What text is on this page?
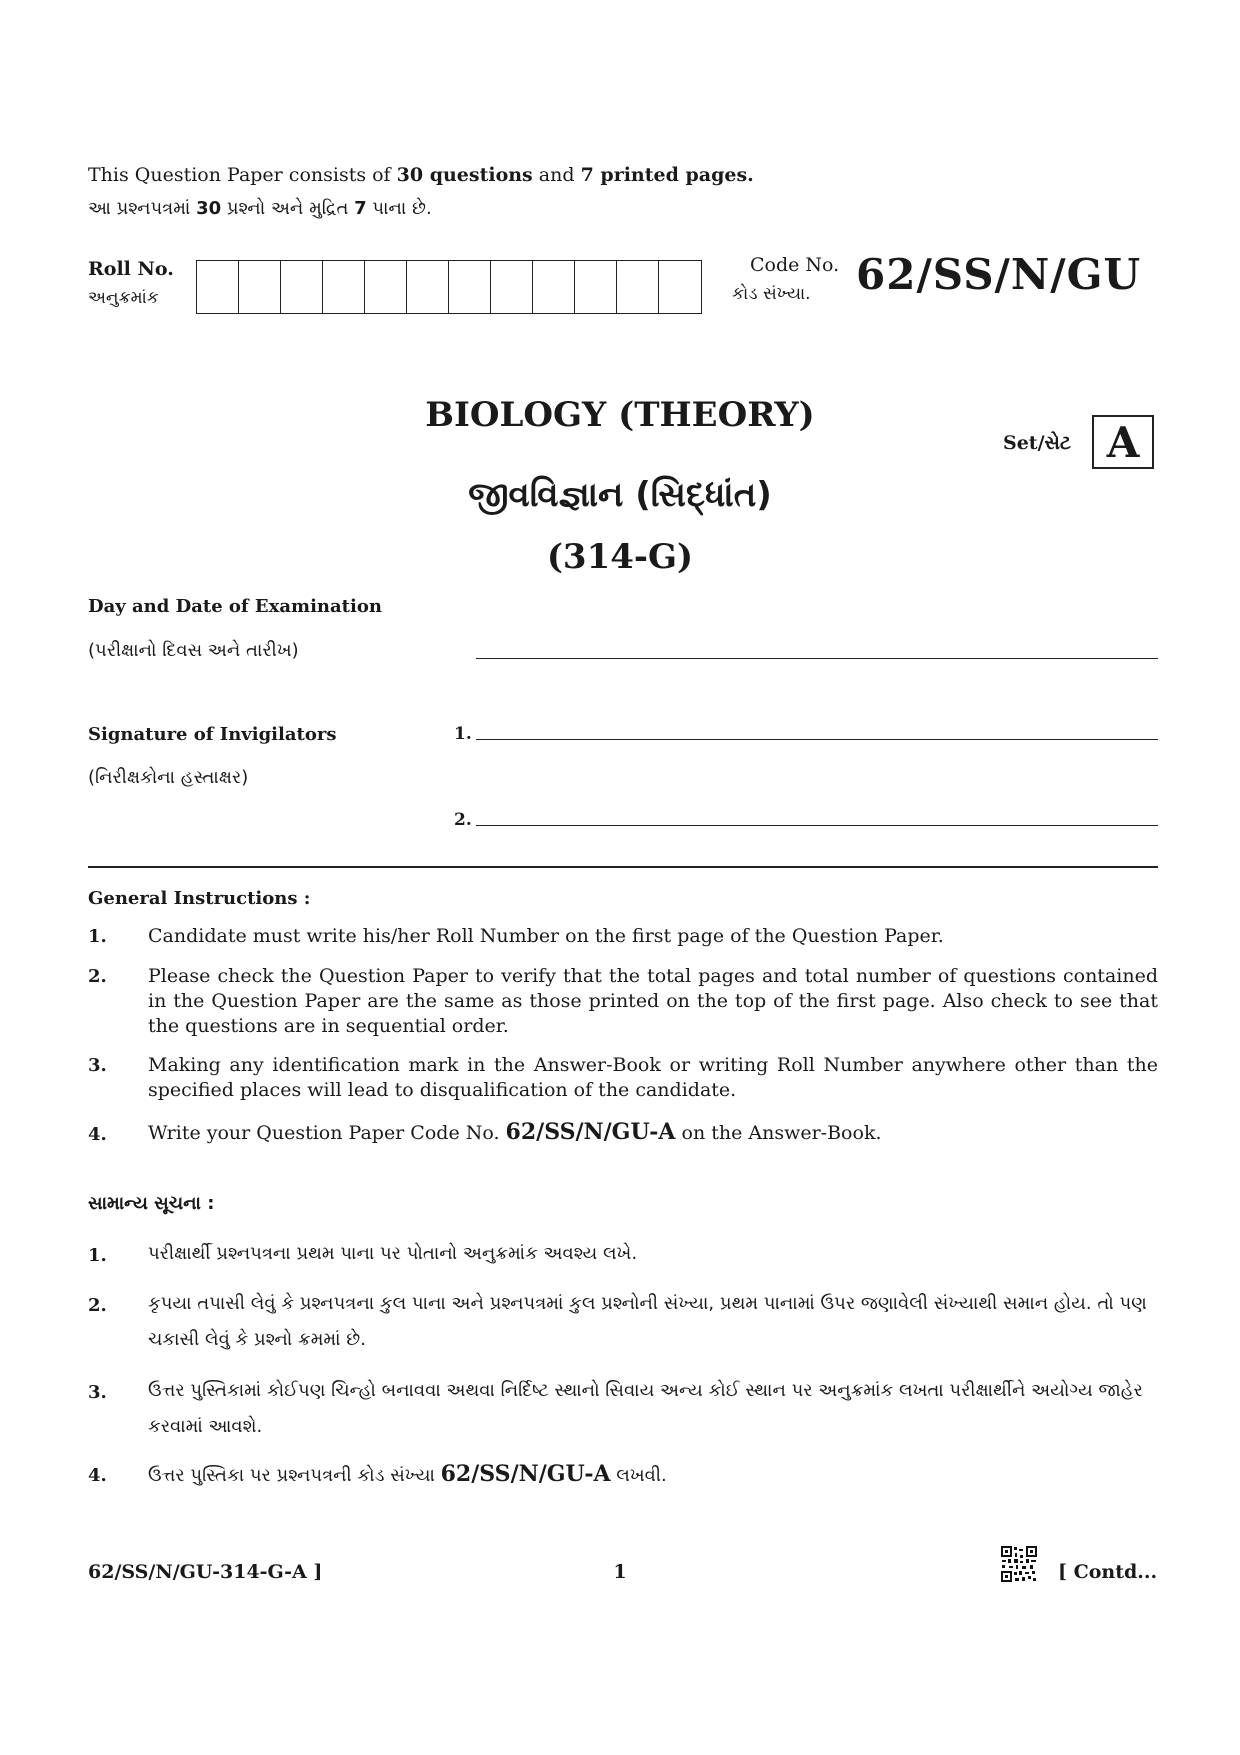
This Question Paper consists of 30 questions and 7 printed pages.
આ પ્રશ્નપત્રમાં 30 પ્રશ્નો અને મુદ્રિત 7 પાના છે.
Roll No.
અનુક્રમાંક
Code No.
કોડ સંખ્યા. 62/SS/N/GU
BIOLOGY (THEORY)
જીવવિજ્ઞાન (સિદ્ધાંત)
(314-G)
Set/સેટ A
Day and Date of Examination
(પરીક્ષાનો દિવસ અને તારીખ)
Signature of Invigilators
(નિરીક્ષકોના હસ્તાક્ષર)
1.
2.
General Instructions :
1. Candidate must write his/her Roll Number on the first page of the Question Paper.
2. Please check the Question Paper to verify that the total pages and total number of questions contained in the Question Paper are the same as those printed on the top of the first page. Also check to see that the questions are in sequential order.
3. Making any identification mark in the Answer-Book or writing Roll Number anywhere other than the specified places will lead to disqualification of the candidate.
4. Write your Question Paper Code No. 62/SS/N/GU-A on the Answer-Book.
સામાન્ય સૂચના :
1. પરીક્ષાર્થી પ્રશ્નપત્રના પ્રથમ પાના પર પોતાનો અનુક્રમાંક અવશ્ય લખે.
2. કૃપયા તપાસી લેવું કે પ્રશ્નપત્રના કુલ પાના અને પ્રશ્નપત્રમાં કુલ પ્રશ્નોની સંખ્યા, પ્રથમ પાનામાં ઉપર જણાવેલી સંખ્યાથી સમાન હોય. તો પણ ચકાસી લેવું કે પ્રશ્નો ક્રમમાં છે.
3. ઉત્તર પુસ્તિકામાં કોઈપણ ચિન્હો બનાવવા અથવા નિર્દિષ્ટ સ્થાનો સિવાય અન્ય કોઈ સ્થાન પર અનુક્રમાંક લખતા પરીક્ષાર્થીને અયોગ્ય જાહેર કરવામાં આવશે.
4. ઉત્તર પુસ્તિકા પર પ્રશ્નપત્રની કોડ સંખ્યા 62/SS/N/GU-A લખવી.
62/SS/N/GU-314-G-A ]	1	[ Contd...
